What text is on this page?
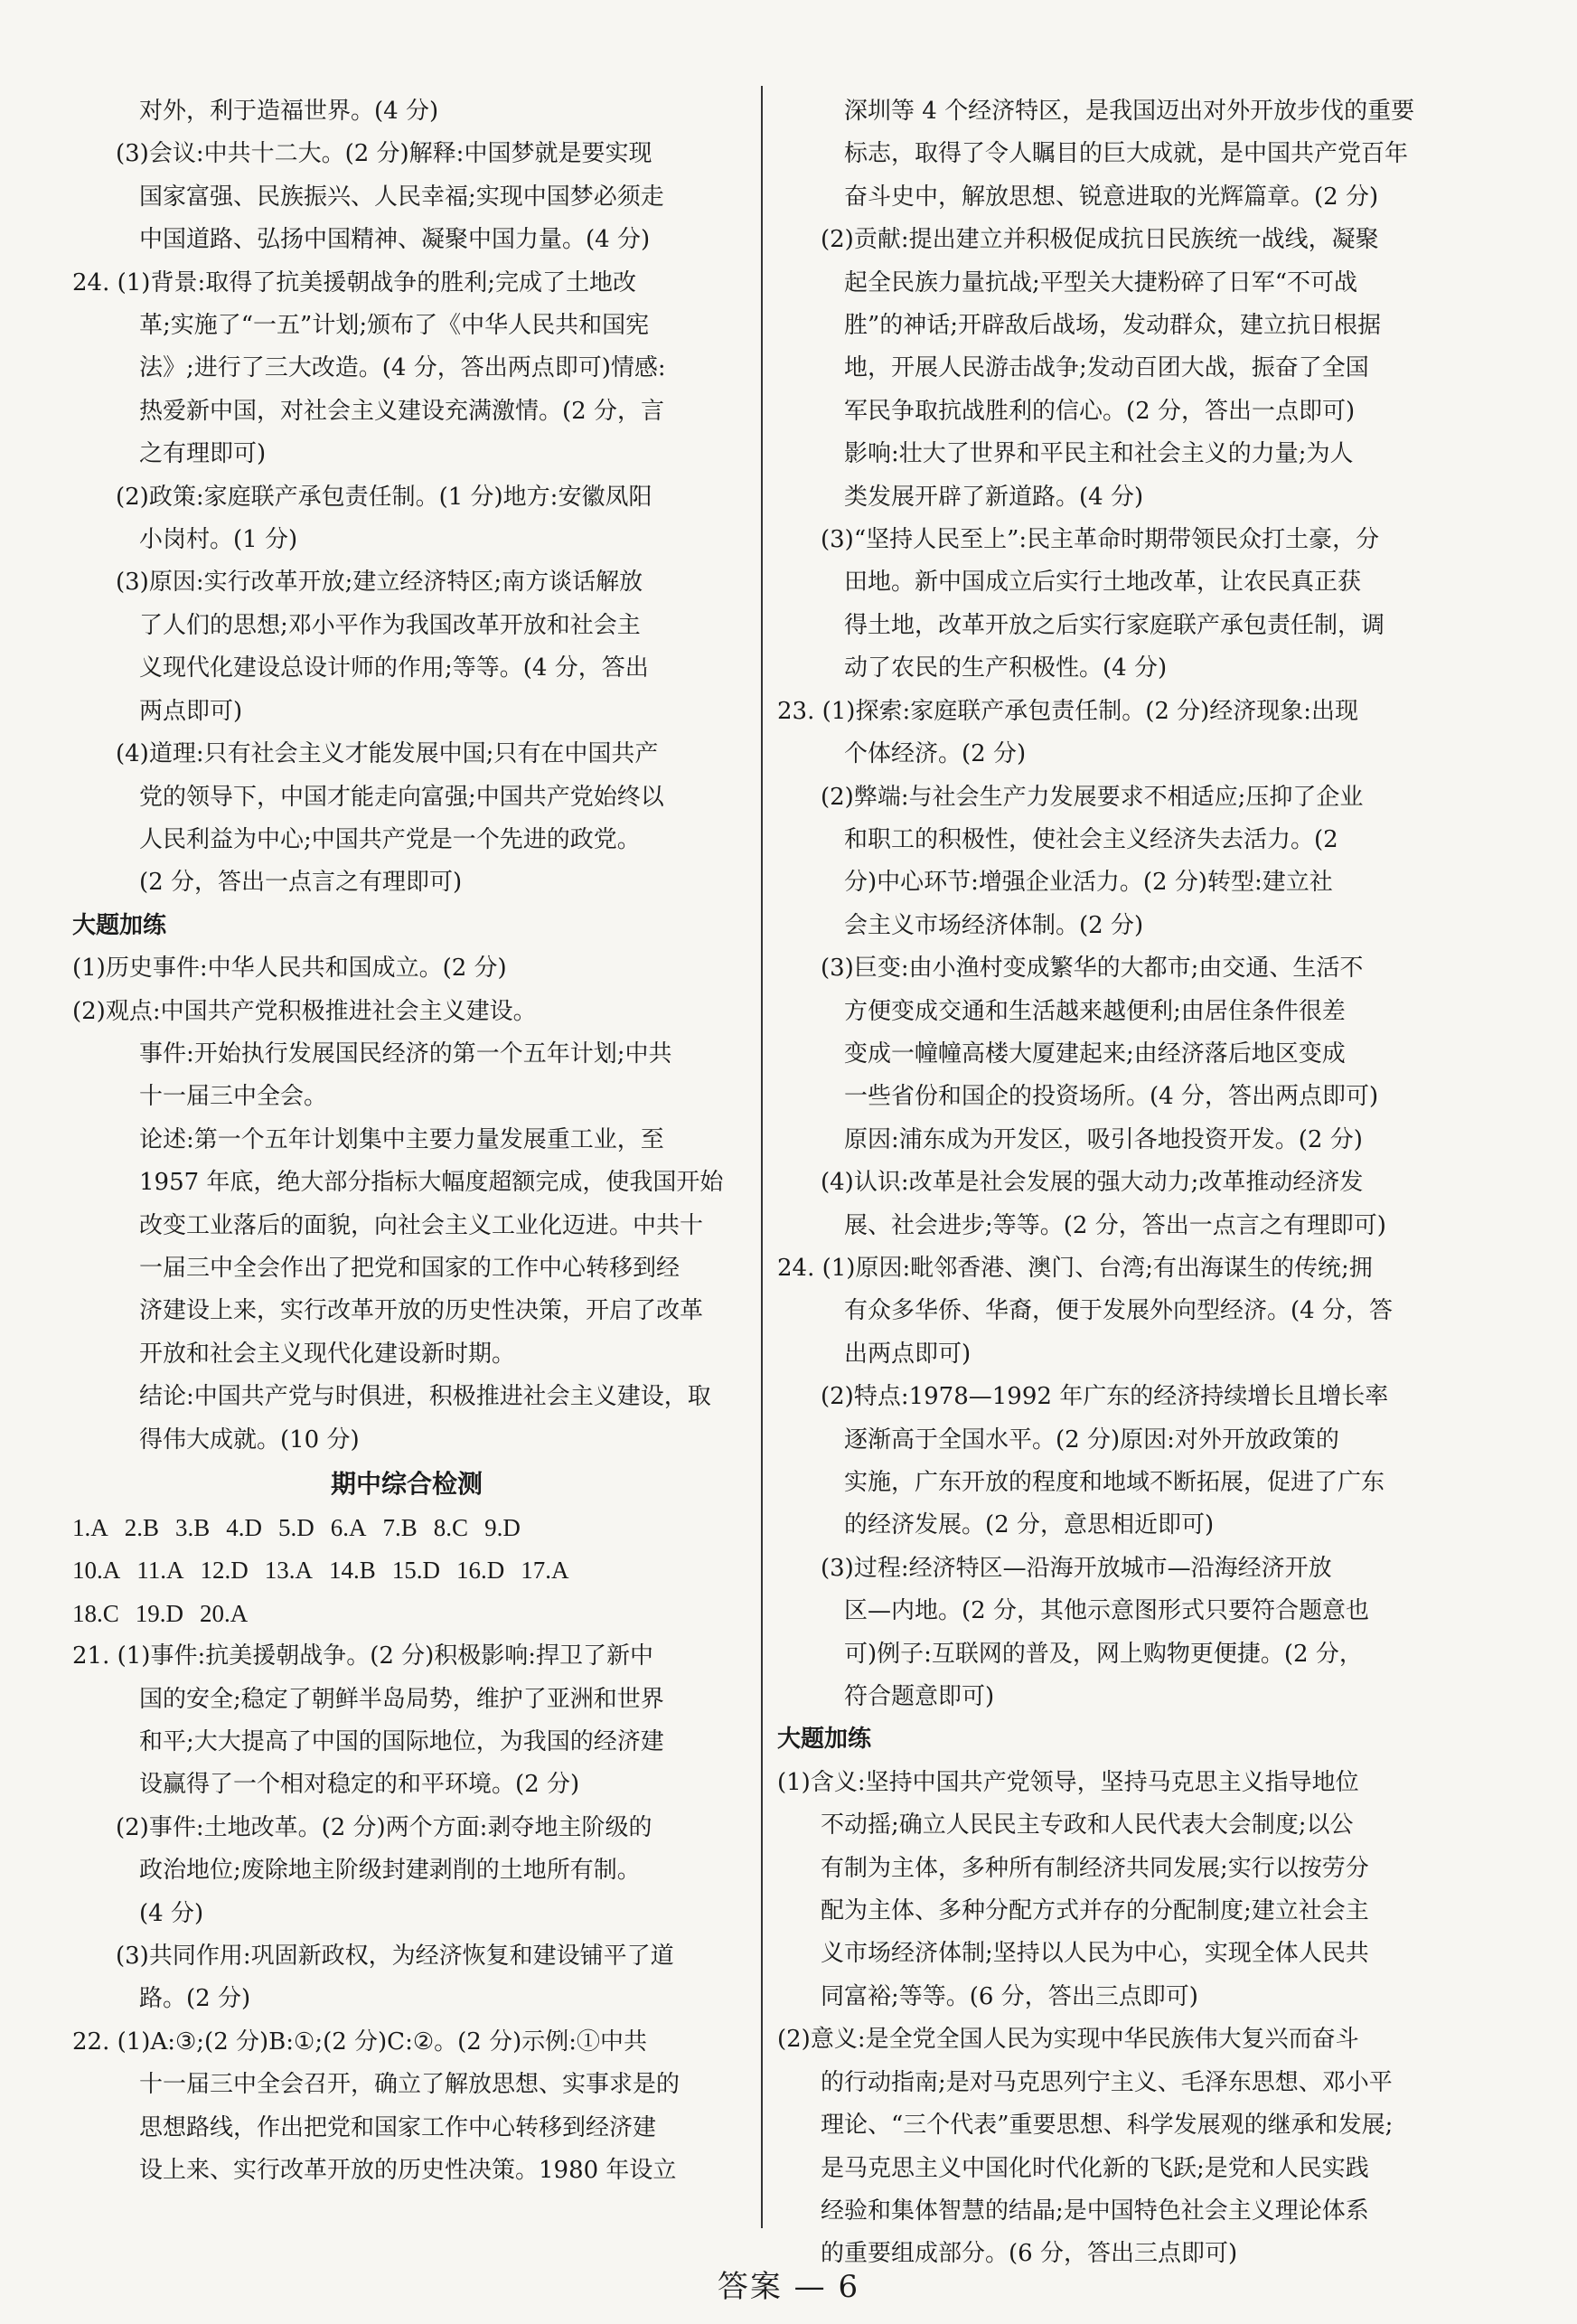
对外，利于造福世界。(4 分)
(3)会议:中共十二大。(2 分)解释:中国梦就是要实现
国家富强、民族振兴、人民幸福;实现中国梦必须走
中国道路、弘扬中国精神、凝聚中国力量。(4 分)
24. (1)背景:取得了抗美援朝战争的胜利;完成了土地改
革;实施了“一五”计划;颁布了《中华人民共和国宪
法》;进行了三大改造。(4 分，答出两点即可)情感:
热爱新中国，对社会主义建设充满激情。(2 分，言
之有理即可)
(2)政策:家庭联产承包责任制。(1 分)地方:安徽凤阳
小岗村。(1 分)
(3)原因:实行改革开放;建立经济特区;南方谈话解放
了人们的思想;邓小平作为我国改革开放和社会主
义现代化建设总设计师的作用;等等。(4 分，答出
两点即可)
(4)道理:只有社会主义才能发展中国;只有在中国共产
党的领导下，中国才能走向富强;中国共产党始终以
人民利益为中心;中国共产党是一个先进的政党。
(2 分，答出一点言之有理即可)
大题加练
(1)历史事件:中华人民共和国成立。(2 分)
(2)观点:中国共产党积极推进社会主义建设。
事件:开始执行发展国民经济的第一个五年计划;中共
十一届三中全会。
论述:第一个五年计划集中主要力量发展重工业，至
1957 年底，绝大部分指标大幅度超额完成，使我国开始
改变工业落后的面貌，向社会主义工业化迈进。中共十
一届三中全会作出了把党和国家的工作中心转移到经
济建设上来，实行改革开放的历史性决策，开启了改革
开放和社会主义现代化建设新时期。
结论:中国共产党与时俱进，积极推进社会主义建设，取
得伟大成就。(10 分)
期中综合检测
1.A 2.B 3.B 4.D 5.D 6.A 7.B 8.C 9.D
10.A 11.A 12.D 13.A 14.B 15.D 16.D 17.A
18.C 19.D 20.A
21. (1)事件:抗美援朝战争。(2 分)积极影响:捍卫了新中
国的安全;稳定了朝鲜半岛局势，维护了亚洲和世界
和平;大大提高了中国的国际地位，为我国的经济建
设赢得了一个相对稳定的和平环境。(2 分)
(2)事件:土地改革。(2 分)两个方面:剥夺地主阶级的
政治地位;废除地主阶级封建剥削的土地所有制。
(4 分)
(3)共同作用:巩固新政权，为经济恢复和建设铺平了道
路。(2 分)
22. (1)A:③;(2 分)B:①;(2 分)C:②。(2 分)示例:①中共
十一届三中全会召开，确立了解放思想、实事求是的
思想路线，作出把党和国家工作中心转移到经济建
设上来、实行改革开放的历史性决策。1980 年设立
深圳等 4 个经济特区，是我国迈出对外开放步伐的重要
标志，取得了令人瞩目的巨大成就，是中国共产党百年
奋斗史中，解放思想、锐意进取的光辉篇章。(2 分)
(2)贡献:提出建立并积极促成抗日民族统一战线，凝聚
起全民族力量抗战;平型关大捷粉碎了日军“不可战
胜”的神话;开辟敌后战场，发动群众，建立抗日根据
地，开展人民游击战争;发动百团大战，振奋了全国
军民争取抗战胜利的信心。(2 分，答出一点即可)
影响:壮大了世界和平民主和社会主义的力量;为人
类发展开辟了新道路。(4 分)
(3)“坚持人民至上”:民主革命时期带领民众打土豪，分
田地。新中国成立后实行土地改革，让农民真正获
得土地，改革开放之后实行家庭联产承包责任制，调
动了农民的生产积极性。(4 分)
23. (1)探索:家庭联产承包责任制。(2 分)经济现象:出现
个体经济。(2 分)
(2)弊端:与社会生产力发展要求不相适应;压抑了企业
和职工的积极性，使社会主义经济失去活力。(2
分)中心环节:增强企业活力。(2 分)转型:建立社
会主义市场经济体制。(2 分)
(3)巨变:由小渔村变成繁华的大都市;由交通、生活不
方便变成交通和生活越来越便利;由居住条件很差
变成一幢幢高楼大厦建起来;由经济落后地区变成
一些省份和国企的投资场所。(4 分，答出两点即可)
原因:浦东成为开发区，吸引各地投资开发。(2 分)
(4)认识:改革是社会发展的强大动力;改革推动经济发
展、社会进步;等等。(2 分，答出一点言之有理即可)
24. (1)原因:毗邻香港、澳门、台湾;有出海谋生的传统;拥
有众多华侨、华裔，便于发展外向型经济。(4 分，答
出两点即可)
(2)特点:1978—1992 年广东的经济持续增长且增长率
逐渐高于全国水平。(2 分)原因:对外开放政策的
实施，广东开放的程度和地域不断拓展，促进了广东
的经济发展。(2 分，意思相近即可)
(3)过程:经济特区—沿海开放城市—沿海经济开放
区—内地。(2 分，其他示意图形式只要符合题意也
可)例子:互联网的普及，网上购物更便捷。(2 分，
符合题意即可)
大题加练
(1)含义:坚持中国共产党领导，坚持马克思主义指导地位
不动摇;确立人民民主专政和人民代表大会制度;以公
有制为主体，多种所有制经济共同发展;实行以按劳分
配为主体、多种分配方式并存的分配制度;建立社会主
义市场经济体制;坚持以人民为中心，实现全体人民共
同富裕;等等。(6 分，答出三点即可)
(2)意义:是全党全国人民为实现中华民族伟大复兴而奋斗
的行动指南;是对马克思列宁主义、毛泽东思想、邓小平
理论、“三个代表”重要思想、科学发展观的继承和发展;
是马克思主义中国化时代化新的飞跃;是党和人民实践
经验和集体智慧的结晶;是中国特色社会主义理论体系
的重要组成部分。(6 分，答出三点即可)
答案 — 6
